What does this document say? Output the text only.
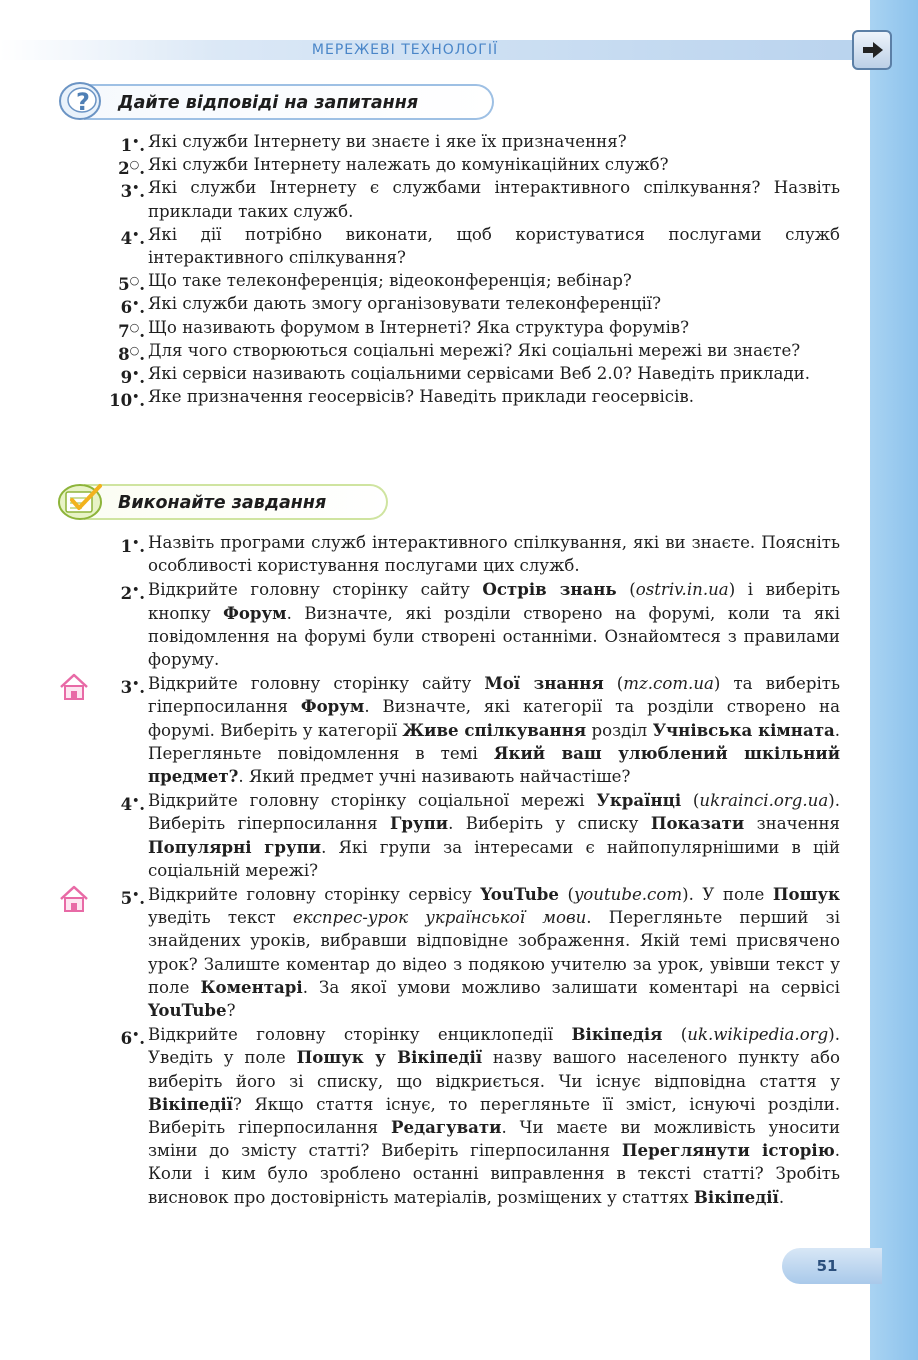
МЕРЕЖЕВІ ТЕХНОЛОГІЇ
Дайте відповіді на запитання
?
1•. Які служби Інтернету ви знаєте і яке їх призначення?
2○. Які служби Інтернету належать до комунікаційних служб?
3•. Які служби Інтернету є службами інтерактивного спілкування? Назвіть приклади таких служб.
4•. Які дії потрібно виконати, щоб користуватися послугами служб інтерактивного спілкування?
5○. Що таке телеконференція; відеоконференція; вебінар?
6•. Які служби дають змогу організовувати телеконференції?
7○. Що називають форумом в Інтернеті? Яка структура форумів?
8○. Для чого створюються соціальні мережі? Які соціальні мережі ви знаєте?
9•. Які сервіси називають соціальними сервісами Веб 2.0? Наведіть приклади.
10•. Яке призначення геосервісів? Наведіть приклади геосервісів.
Виконайте завдання
1•. Назвіть програми служб інтерактивного спілкування, які ви знаєте. Поясніть особливості користування послугами цих служб.
2•. Відкрийте головну сторінку сайту Острів знань (ostriv.in.ua) і виберіть кнопку Форум. Визначте, які розділи створено на форумі, коли та які повідомлення на форумі були створені останніми. Ознайомтеся з правилами форуму.
3•. Відкрийте головну сторінку сайту Мої знання (mz.com.ua) та виберіть гіперпосилання Форум. Визначте, які категорії та розділи створено на форумі. Виберіть у категорії Живе спілкування розділ Учнівська кімната. Перегляньте повідомлення в темі Який ваш улюблений шкільний предмет?. Який предмет учні називають найчастіше?
4•. Відкрийте головну сторінку соціальної мережі Українці (ukrainci.org.ua). Виберіть гіперпосилання Групи. Виберіть у списку Показати значення Популярні групи. Які групи за інтересами є найпопулярнішими в цій соціальній мережі?
5•. Відкрийте головну сторінку сервісу YouTube (youtube.com). У поле Пошук уведіть текст експрес-урок української мови. Перегляньте перший зі знайдених уроків, вибравши відповідне зображення. Якій темі присвячено урок? Залиште коментар до відео з подякою учителю за урок, увівши текст у поле Коментарі. За якої умови можливо залишати коментарі на сервісі YouTube?
6•. Відкрийте головну сторінку енциклопедії Вікіпедія (uk.wikipedia.org). Уведіть у поле Пошук у Вікіпедії назву вашого населеного пункту або виберіть його зі списку, що відкриється. Чи існує відповідна стаття у Вікіпедії? Якщо стаття існує, то перегляньте її зміст, існуючі розділи. Виберіть гіперпосилання Редагувати. Чи маєте ви можливість уносити зміни до змісту статті? Виберіть гіперпосилання Переглянути історію. Коли і ким було зроблено останні виправлення в тексті статті? Зробіть висновок про достовірність матеріалів, розміщених у статтях Вікіпедії.
51
